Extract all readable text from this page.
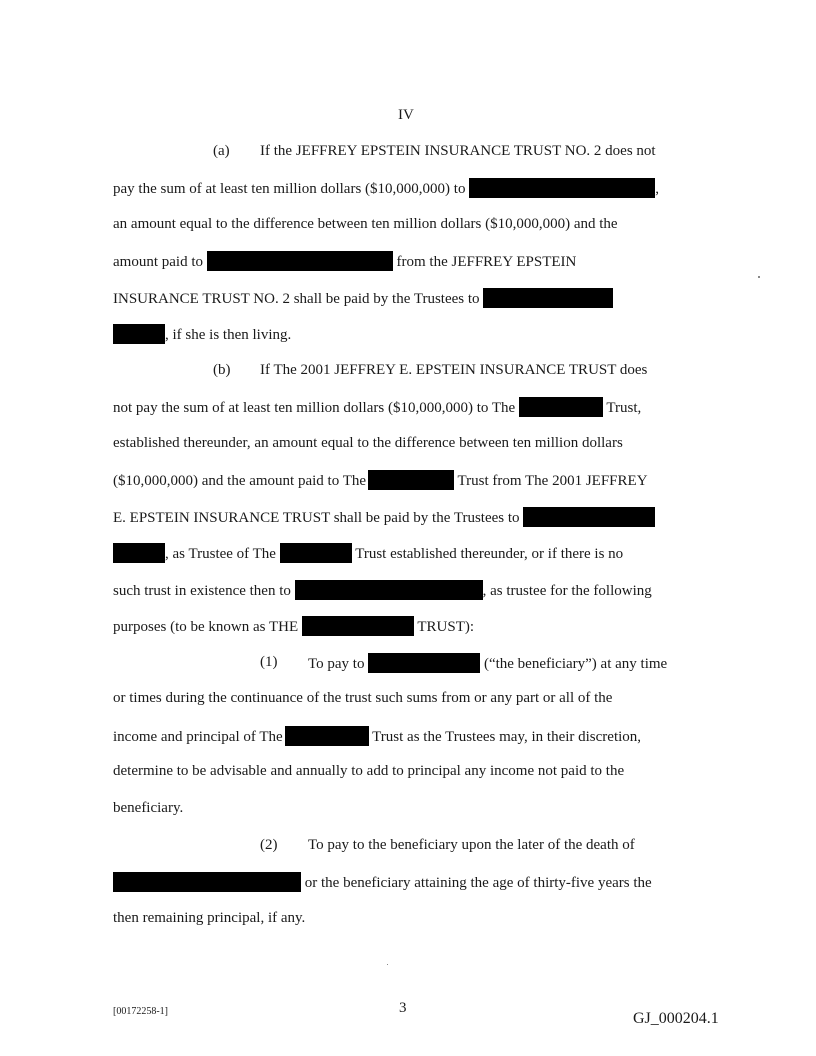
IV
(a) If the JEFFREY EPSTEIN INSURANCE TRUST NO. 2 does not
pay the sum of at least ten million dollars ($10,000,000) to	,
an amount equal to the difference between ten million dollars ($10,000,000) and the
amount paid to	from the JEFFREY EPSTEIN
INSURANCE TRUST NO. 2 shall be paid by the Trustees to
, if she is then living.
(b) If The 2001 JEFFREY E. EPSTEIN INSURANCE TRUST does
not pay the sum of at least ten million dollars ($10,000,000) to The	Trust,
established thereunder, an amount equal to the difference between ten million dollars
($10,000,000) and the amount paid to The	Trust from The 2001 JEFFREY
E. EPSTEIN INSURANCE TRUST shall be paid by the Trustees to
, as Trustee of The	Trust established thereunder, or if there is no
such trust in existence then to	, as trustee for the following
purposes (to be known as THE	TRUST):
(1) To pay to	(“the beneficiary”) at any time
or times during the continuance of the trust such sums from or any part or all of the
income and principal of The	Trust as the Trustees may, in their discretion,
determine to be advisable and annually to add to principal any income not paid to the
beneficiary.
(2) To pay to the beneficiary upon the later of the death of
or the beneficiary attaining the age of thirty-five years the
then remaining principal, if any.
[00172258-1]	3
GJ_000204.1
